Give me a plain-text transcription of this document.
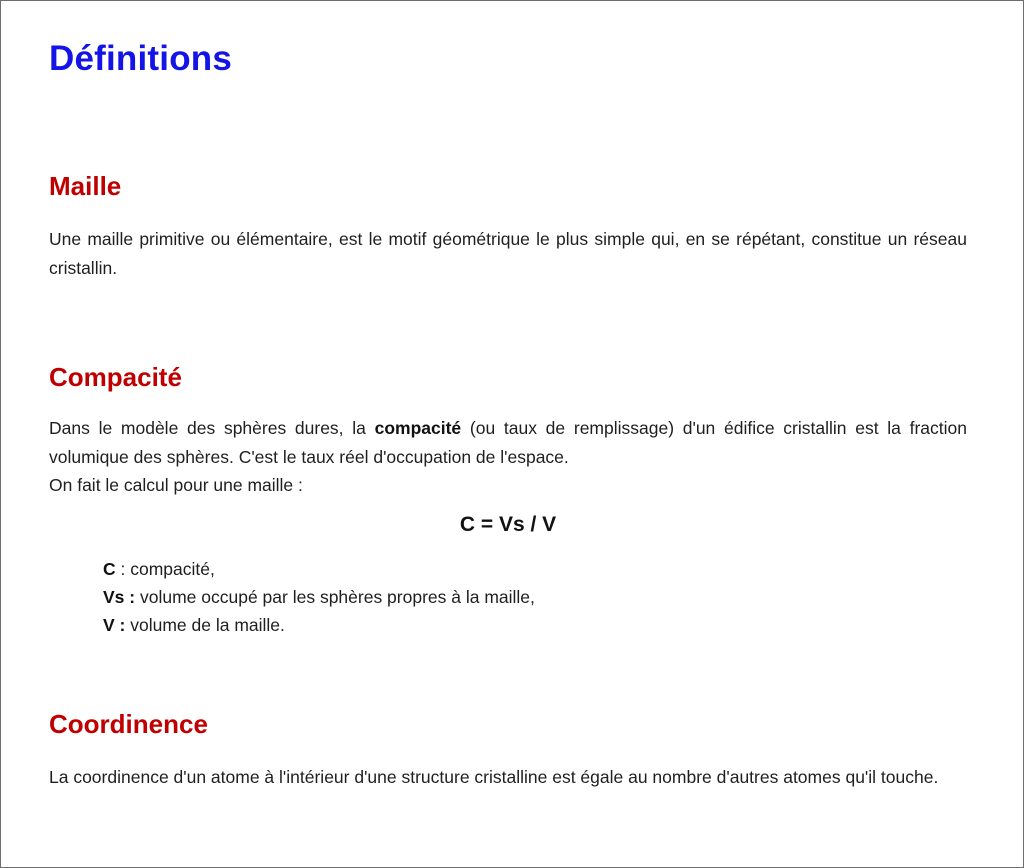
Définitions
Maille
Une maille primitive ou élémentaire, est le motif géométrique le plus simple qui, en se répétant, constitue un réseau cristallin.
Compacité
Dans le modèle des sphères dures, la compacité (ou taux de remplissage) d'un édifice cristallin est la fraction volumique des sphères. C'est le taux réel d'occupation de l'espace.
On fait le calcul pour une maille :
C = Vs / V
C : compacité,
Vs : volume occupé par les sphères propres à la maille,
V : volume de la maille.
Coordinence
La coordinence d'un atome à l'intérieur d'une structure cristalline est égale au nombre d'autres atomes qu'il touche.
